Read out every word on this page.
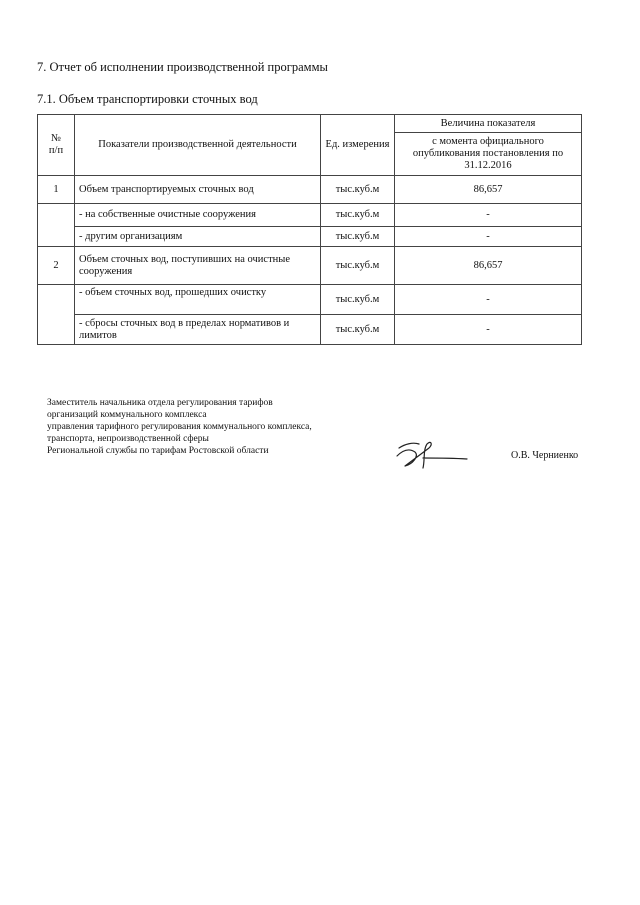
7. Отчет об исполнении производственной программы
7.1. Объем транспортировки сточных вод
№
п/п	Показатели производственной деятельности	Ед. измерения	Величина показателя
			с момента официального опубликования постановления по 31.12.2016
1	Объем транспортируемых сточных вод	тыс.куб.м	86,657
	- на собственные очистные сооружения	тыс.куб.м	-
	- другим организациям	тыс.куб.м	-
2	Объем сточных вод, поступивших на очистные сооружения	тыс.куб.м	86,657
	- объем сточных вод, прошедших очистку	тыс.куб.м	-
	- сбросы сточных вод в пределах нормативов и лимитов	тыс.куб.м	-
Заместитель начальника отдела регулирования тарифов
организаций коммунального комплекса
управления тарифного регулирования коммунального комплекса,
транспорта, непроизводственной сферы
Региональной службы по тарифам Ростовской области	О.В. Черниенко
